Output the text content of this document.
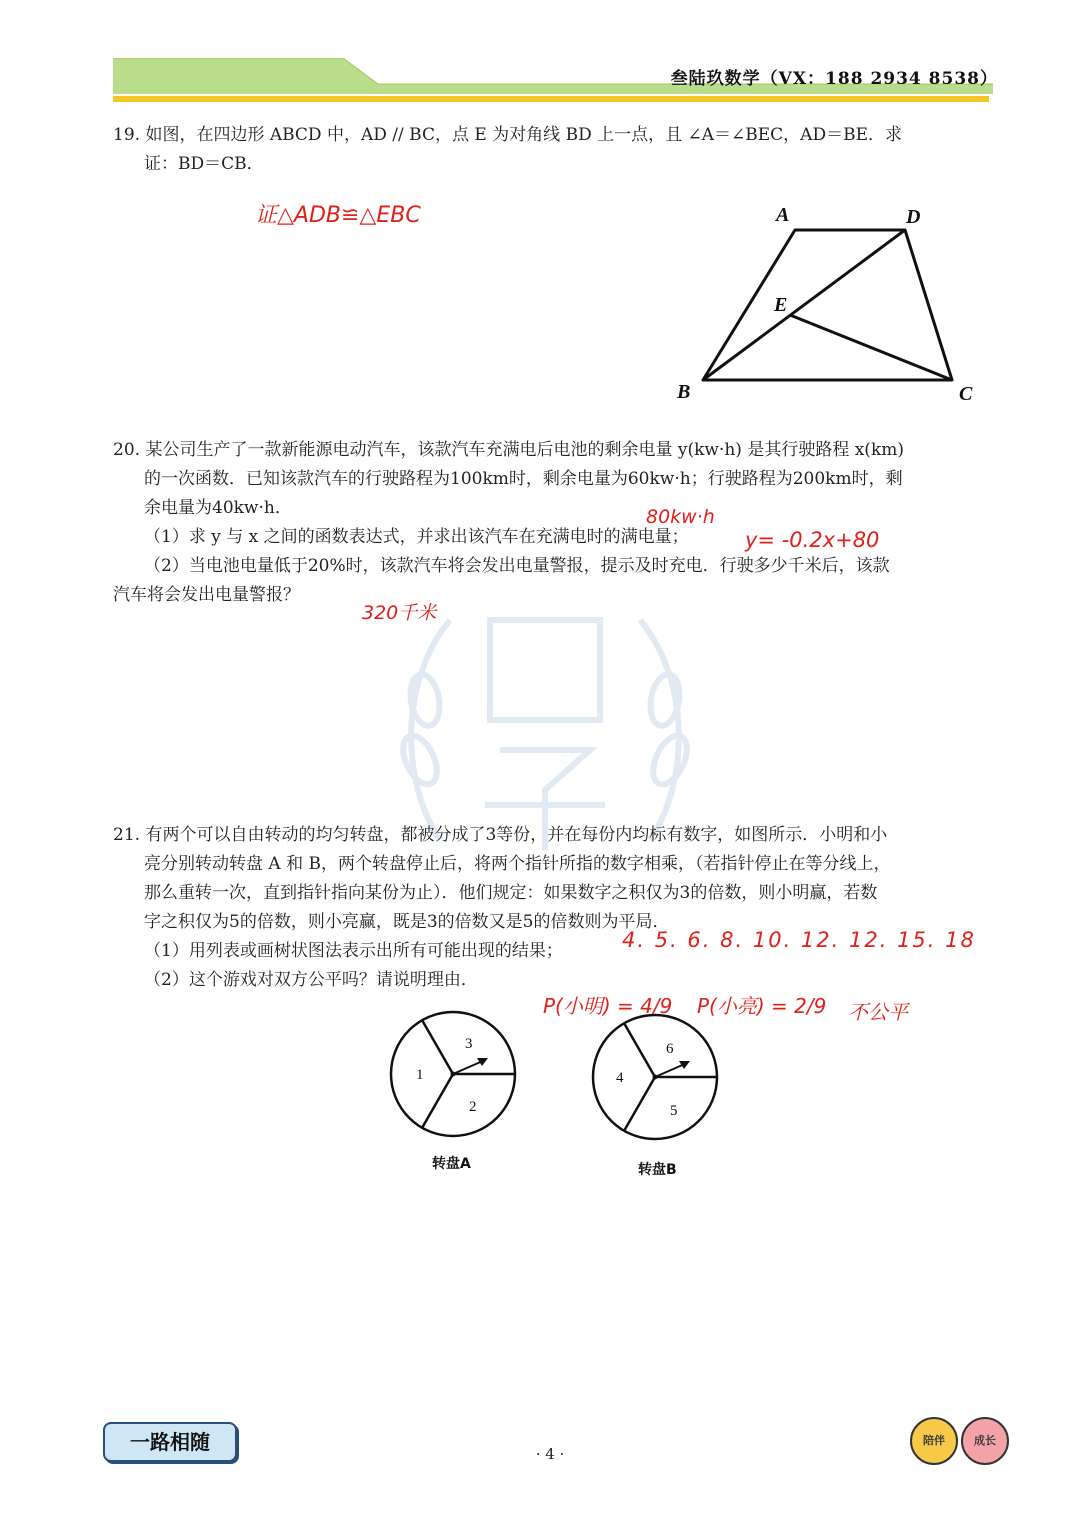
叁陆玖数学（VX：188 2934 8538）

19. 如图，在四边形 ABCD 中，AD // BC，点 E 为对角线 BD 上一点，且 ∠A＝∠BEC，AD＝BE．求

证：BD＝CB．

证△ADB≌△EBC	A	D
E
B	C

20. 某公司生产了一款新能源电动汽车，该款汽车充满电后电池的剩余电量 y(kw·h) 是其行驶路程 x(km)

的一次函数．已知该款汽车的行驶路程为100km时，剩余电量为60kw·h；行驶路程为200km时，剩

余电量为40kw·h．

（1）求 y 与 x 之间的函数表达式，并求出该汽车在充满电时的满电量；

（2）当电池电量低于20%时，该款汽车将会发出电量警报，提示及时充电．行驶多少千米后，该款

汽车将会发出电量警报？

80kw·h
y= -0.2x+80
320千米

21. 有两个可以自由转动的均匀转盘，都被分成了3等份，并在每份内均标有数字，如图所示．小明和小

亮分别转动转盘 A 和 B，两个转盘停止后，将两个指针所指的数字相乘，（若指针停止在等分线上，

那么重转一次，直到指针指向某份为止）．他们规定：如果数字之积仅为3的倍数，则小明赢，若数

字之积仅为5的倍数，则小亮赢，既是3的倍数又是5的倍数则为平局．

（1）用列表或画树状图法表示出所有可能出现的结果；

（2）这个游戏对双方公平吗？请说明理由．

4. 5. 6. 8. 10. 12. 12. 15. 18
P(小明) = 4/9 P(小亮) = 2/9 不公平
1
3
2
转盘A
4
6
5
转盘B
一路相随	· 4 ·
陪伴	成长
